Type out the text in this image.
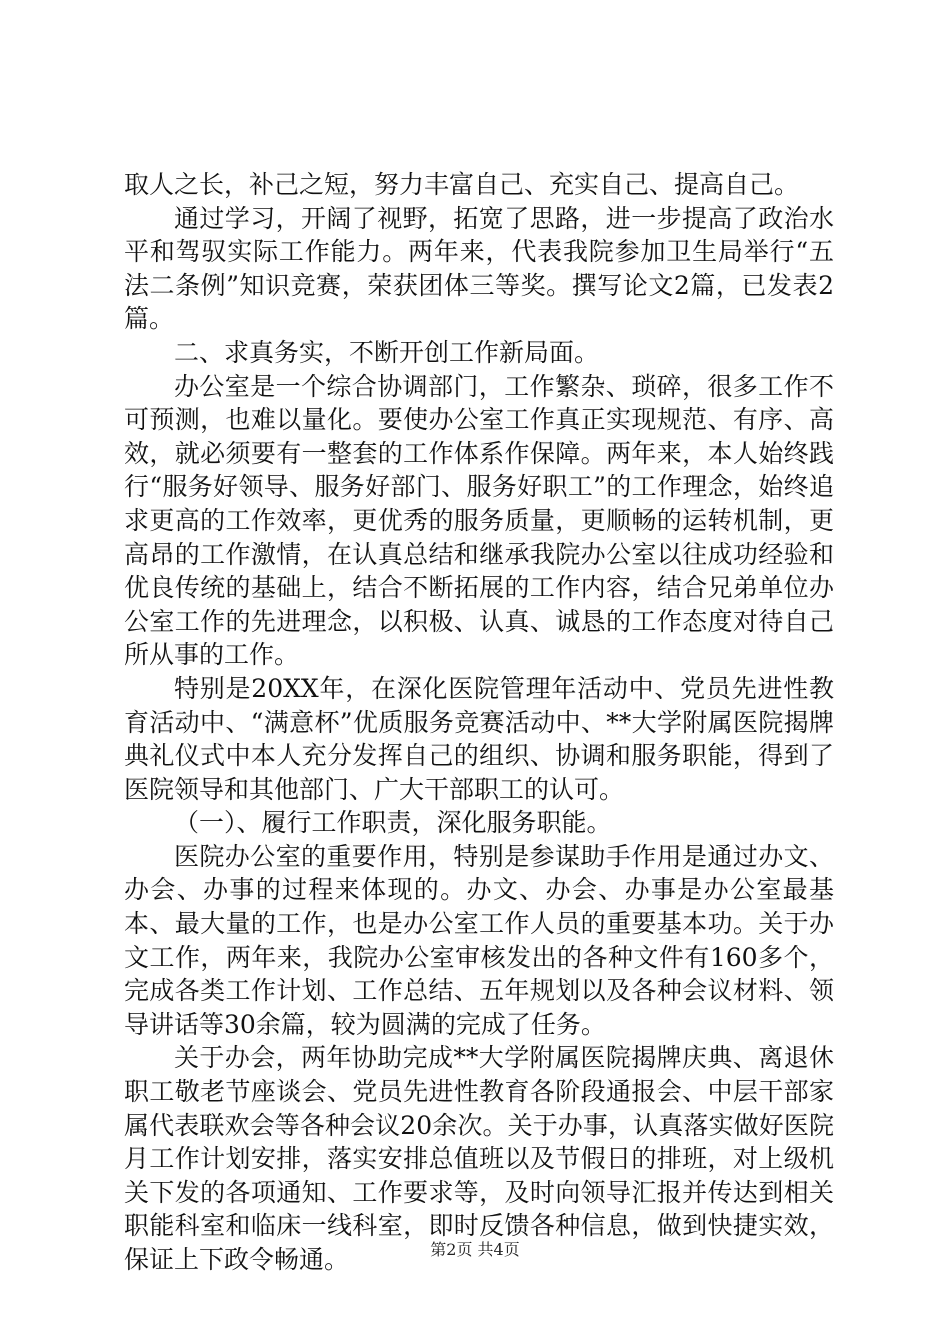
取人之长，补己之短，努力丰富自己、充实自己、提高自己。

通过学习，开阔了视野，拓宽了思路，进一步提高了政治水平和驾驭实际工作能力。两年来，代表我院参加卫生局举行“五法二条例”知识竞赛，荣获团体三等奖。撰写论文2篇，已发表2篇。

二、求真务实，不断开创工作新局面。

办公室是一个综合协调部门，工作繁杂、琐碎，很多工作不可预测，也难以量化。要使办公室工作真正实现规范、有序、高效，就必须要有一整套的工作体系作保障。两年来，本人始终践行“服务好领导、服务好部门、服务好职工”的工作理念，始终追求更高的工作效率，更优秀的服务质量，更顺畅的运转机制，更高昂的工作激情，在认真总结和继承我院办公室以往成功经验和优良传统的基础上，结合不断拓展的工作内容，结合兄弟单位办公室工作的先进理念，以积极、认真、诚恳的工作态度对待自己所从事的工作。

特别是20XX年，在深化医院管理年活动中、党员先进性教育活动中、“满意杯”优质服务竞赛活动中、**大学附属医院揭牌典礼仪式中本人充分发挥自己的组织、协调和服务职能，得到了医院领导和其他部门、广大干部职工的认可。

（一）、履行工作职责，深化服务职能。

医院办公室的重要作用，特别是参谋助手作用是通过办文、办会、办事的过程来体现的。办文、办会、办事是办公室最基本、最大量的工作，也是办公室工作人员的重要基本功。关于办文工作，两年来，我院办公室审核发出的各种文件有160多个，完成各类工作计划、工作总结、五年规划以及各种会议材料、领导讲话等30余篇，较为圆满的完成了任务。

关于办会，两年协助完成**大学附属医院揭牌庆典、离退休职工敬老节座谈会、党员先进性教育各阶段通报会、中层干部家属代表联欢会等各种会议20余次。关于办事，认真落实做好医院月工作计划安排，落实安排总值班以及节假日的排班，对上级机关下发的各项通知、工作要求等，及时向领导汇报并传达到相关职能科室和临床一线科室，即时反馈各种信息，做到快捷实效，保证上下政令畅通。	第2页 共4页
